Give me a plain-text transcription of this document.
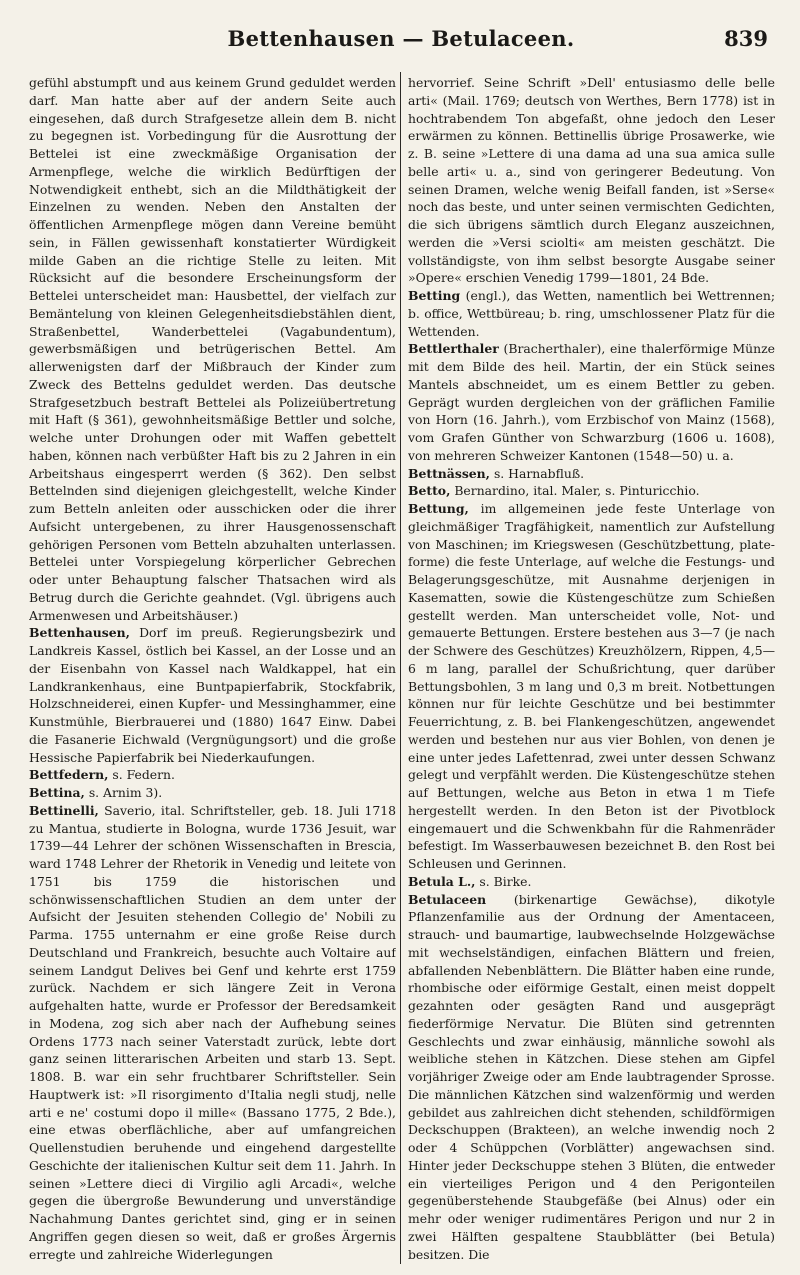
Bettenhausen — Betulaceen.	839

gefühl abstumpft und aus keinem Grund geduldet werden darf. Man hatte aber auf der andern Seite auch eingesehen, daß durch Strafgesetze allein dem B. nicht zu begegnen ist. Vorbedingung für die Ausrottung der Bettelei ist eine zweckmäßige Organisation der Armenpflege, welche die wirklich Bedürftigen der Notwendigkeit enthebt, sich an die Mildthätigkeit der Einzelnen zu wenden. Neben den Anstalten der öffentlichen Armenpflege mögen dann Vereine bemüht sein, in Fällen gewissenhaft konstatierter Würdigkeit milde Gaben an die richtige Stelle zu leiten. Mit Rücksicht auf die besondere Erscheinungsform der Bettelei unterscheidet man: Hausbettel, der vielfach zur Bemäntelung von kleinen Gelegenheitsdiebstählen dient, Straßenbettel, Wanderbettelei (Vagabundentum), gewerbsmäßigen und betrügerischen Bettel. Am allerwenigsten darf der Mißbrauch der Kinder zum Zweck des Bettelns geduldet werden. Das deutsche Strafgesetzbuch bestraft Bettelei als Polizeiübertretung mit Haft (§ 361), gewohnheitsmäßige Bettler und solche, welche unter Drohungen oder mit Waffen gebettelt haben, können nach verbüßter Haft bis zu 2 Jahren in ein Arbeitshaus eingesperrt werden (§ 362). Den selbst Bettelnden sind diejenigen gleichgestellt, welche Kinder zum Betteln anleiten oder ausschicken oder die ihrer Aufsicht untergebenen, zu ihrer Hausgenossenschaft gehörigen Personen vom Betteln abzuhalten unterlassen. Bettelei unter Vorspiegelung körperlicher Gebrechen oder unter Behauptung falscher Thatsachen wird als Betrug durch die Gerichte geahndet. (Vgl. übrigens auch Armenwesen und Arbeitshäuser.)

Bettenhausen, Dorf im preuß. Regierungsbezirk und Landkreis Kassel, östlich bei Kassel, an der Losse und an der Eisenbahn von Kassel nach Waldkappel, hat ein Landkrankenhaus, eine Buntpapierfabrik, Stockfabrik, Holzschneiderei, einen Kupfer- und Messinghammer, eine Kunstmühle, Bierbrauerei und (1880) 1647 Einw. Dabei die Fasanerie Eichwald (Vergnügungsort) und die große Hessische Papierfabrik bei Niederkaufungen.

Bettfedern, s. Federn.

Bettina, s. Arnim 3).

Bettinelli, Saverio, ital. Schriftsteller, geb. 18. Juli 1718 zu Mantua, studierte in Bologna, wurde 1736 Jesuit, war 1739—44 Lehrer der schönen Wissenschaften in Brescia, ward 1748 Lehrer der Rhetorik in Venedig und leitete von 1751 bis 1759 die historischen und schönwissenschaftlichen Studien an dem unter der Aufsicht der Jesuiten stehenden Collegio de' Nobili zu Parma. 1755 unternahm er eine große Reise durch Deutschland und Frankreich, besuchte auch Voltaire auf seinem Landgut Delives bei Genf und kehrte erst 1759 zurück. Nachdem er sich längere Zeit in Verona aufgehalten hatte, wurde er Professor der Beredsamkeit in Modena, zog sich aber nach der Aufhebung seines Ordens 1773 nach seiner Vaterstadt zurück, lebte dort ganz seinen litterarischen Arbeiten und starb 13. Sept. 1808. B. war ein sehr fruchtbarer Schriftsteller. Sein Hauptwerk ist: »Il risorgimento d'Italia negli studj, nelle arti e ne' costumi dopo il mille« (Bassano 1775, 2 Bde.), eine etwas oberflächliche, aber auf umfangreichen Quellenstudien beruhende und eingehend dargestellte Geschichte der italienischen Kultur seit dem 11. Jahrh. In seinen »Lettere dieci di Virgilio agli Arcadi«, welche gegen die übergroße Bewunderung und unverständige Nachahmung Dantes gerichtet sind, ging er in seinen Angriffen gegen diesen so weit, daß er großes Ärgernis erregte und zahlreiche Widerlegungen

hervorrief. Seine Schrift »Dell' entusiasmo delle belle arti« (Mail. 1769; deutsch von Werthes, Bern 1778) ist in hochtrabendem Ton abgefaßt, ohne jedoch den Leser erwärmen zu können. Bettinellis übrige Prosawerke, wie z. B. seine »Lettere di una dama ad una sua amica sulle belle arti« u. a., sind von geringerer Bedeutung. Von seinen Dramen, welche wenig Beifall fanden, ist »Serse« noch das beste, und unter seinen vermischten Gedichten, die sich übrigens sämtlich durch Eleganz auszeichnen, werden die »Versi sciolti« am meisten geschätzt. Die vollständigste, von ihm selbst besorgte Ausgabe seiner »Opere« erschien Venedig 1799—1801, 24 Bde.

Betting (engl.), das Wetten, namentlich bei Wettrennen; b. office, Wettbüreau; b. ring, umschlossener Platz für die Wettenden.

Bettlerthaler (Bracherthaler), eine thalerförmige Münze mit dem Bilde des heil. Martin, der ein Stück seines Mantels abschneidet, um es einem Bettler zu geben. Geprägt wurden dergleichen von der gräflichen Familie von Horn (16. Jahrh.), vom Erzbischof von Mainz (1568), vom Grafen Günther von Schwarzburg (1606 u. 1608), von mehreren Schweizer Kantonen (1548—50) u. a.

Bettnässen, s. Harnabfluß.

Betto, Bernardino, ital. Maler, s. Pinturicchio.

Bettung, im allgemeinen jede feste Unterlage von gleichmäßiger Tragfähigkeit, namentlich zur Aufstellung von Maschinen; im Kriegswesen (Geschützbettung, plate-forme) die feste Unterlage, auf welche die Festungs- und Belagerungsgeschütze, mit Ausnahme derjenigen in Kasematten, sowie die Küstengeschütze zum Schießen gestellt werden. Man unterscheidet volle, Not- und gemauerte Bettungen. Erstere bestehen aus 3—7 (je nach der Schwere des Geschützes) Kreuzhölzern, Rippen, 4,5—6 m lang, parallel der Schußrichtung, quer darüber Bettungsbohlen, 3 m lang und 0,3 m breit. Notbettungen können nur für leichte Geschütze und bei bestimmter Feuerrichtung, z. B. bei Flankengeschützen, angewendet werden und bestehen nur aus vier Bohlen, von denen je eine unter jedes Lafettenrad, zwei unter dessen Schwanz gelegt und verpfählt werden. Die Küstengeschütze stehen auf Bettungen, welche aus Beton in etwa 1 m Tiefe hergestellt werden. In den Beton ist der Pivotblock eingemauert und die Schwenkbahn für die Rahmenräder befestigt. Im Wasserbauwesen bezeichnet B. den Rost bei Schleusen und Gerinnen.

Betula L., s. Birke.

Betulaceen (birkenartige Gewächse), dikotyle Pflanzenfamilie aus der Ordnung der Amentaceen, strauch- und baumartige, laubwechselnde Holzgewächse mit wechselständigen, einfachen Blättern und freien, abfallenden Nebenblättern. Die Blätter haben eine runde, rhombische oder eiförmige Gestalt, einen meist doppelt gezahnten oder gesägten Rand und ausgeprägt fiederförmige Nervatur. Die Blüten sind getrennten Geschlechts und zwar einhäusig, männliche sowohl als weibliche stehen in Kätzchen. Diese stehen am Gipfel vorjähriger Zweige oder am Ende laubtragender Sprosse. Die männlichen Kätzchen sind walzenförmig und werden gebildet aus zahlreichen dicht stehenden, schildförmigen Deckschuppen (Brakteen), an welche inwendig noch 2 oder 4 Schüppchen (Vorblätter) angewachsen sind. Hinter jeder Deckschuppe stehen 3 Blüten, die entweder ein vierteiliges Perigon und 4 den Perigonteilen gegenüberstehende Staubgefäße (bei Alnus) oder ein mehr oder weniger rudimentäres Perigon und nur 2 in zwei Hälften gespaltene Staubblätter (bei Betula) besitzen. Die
